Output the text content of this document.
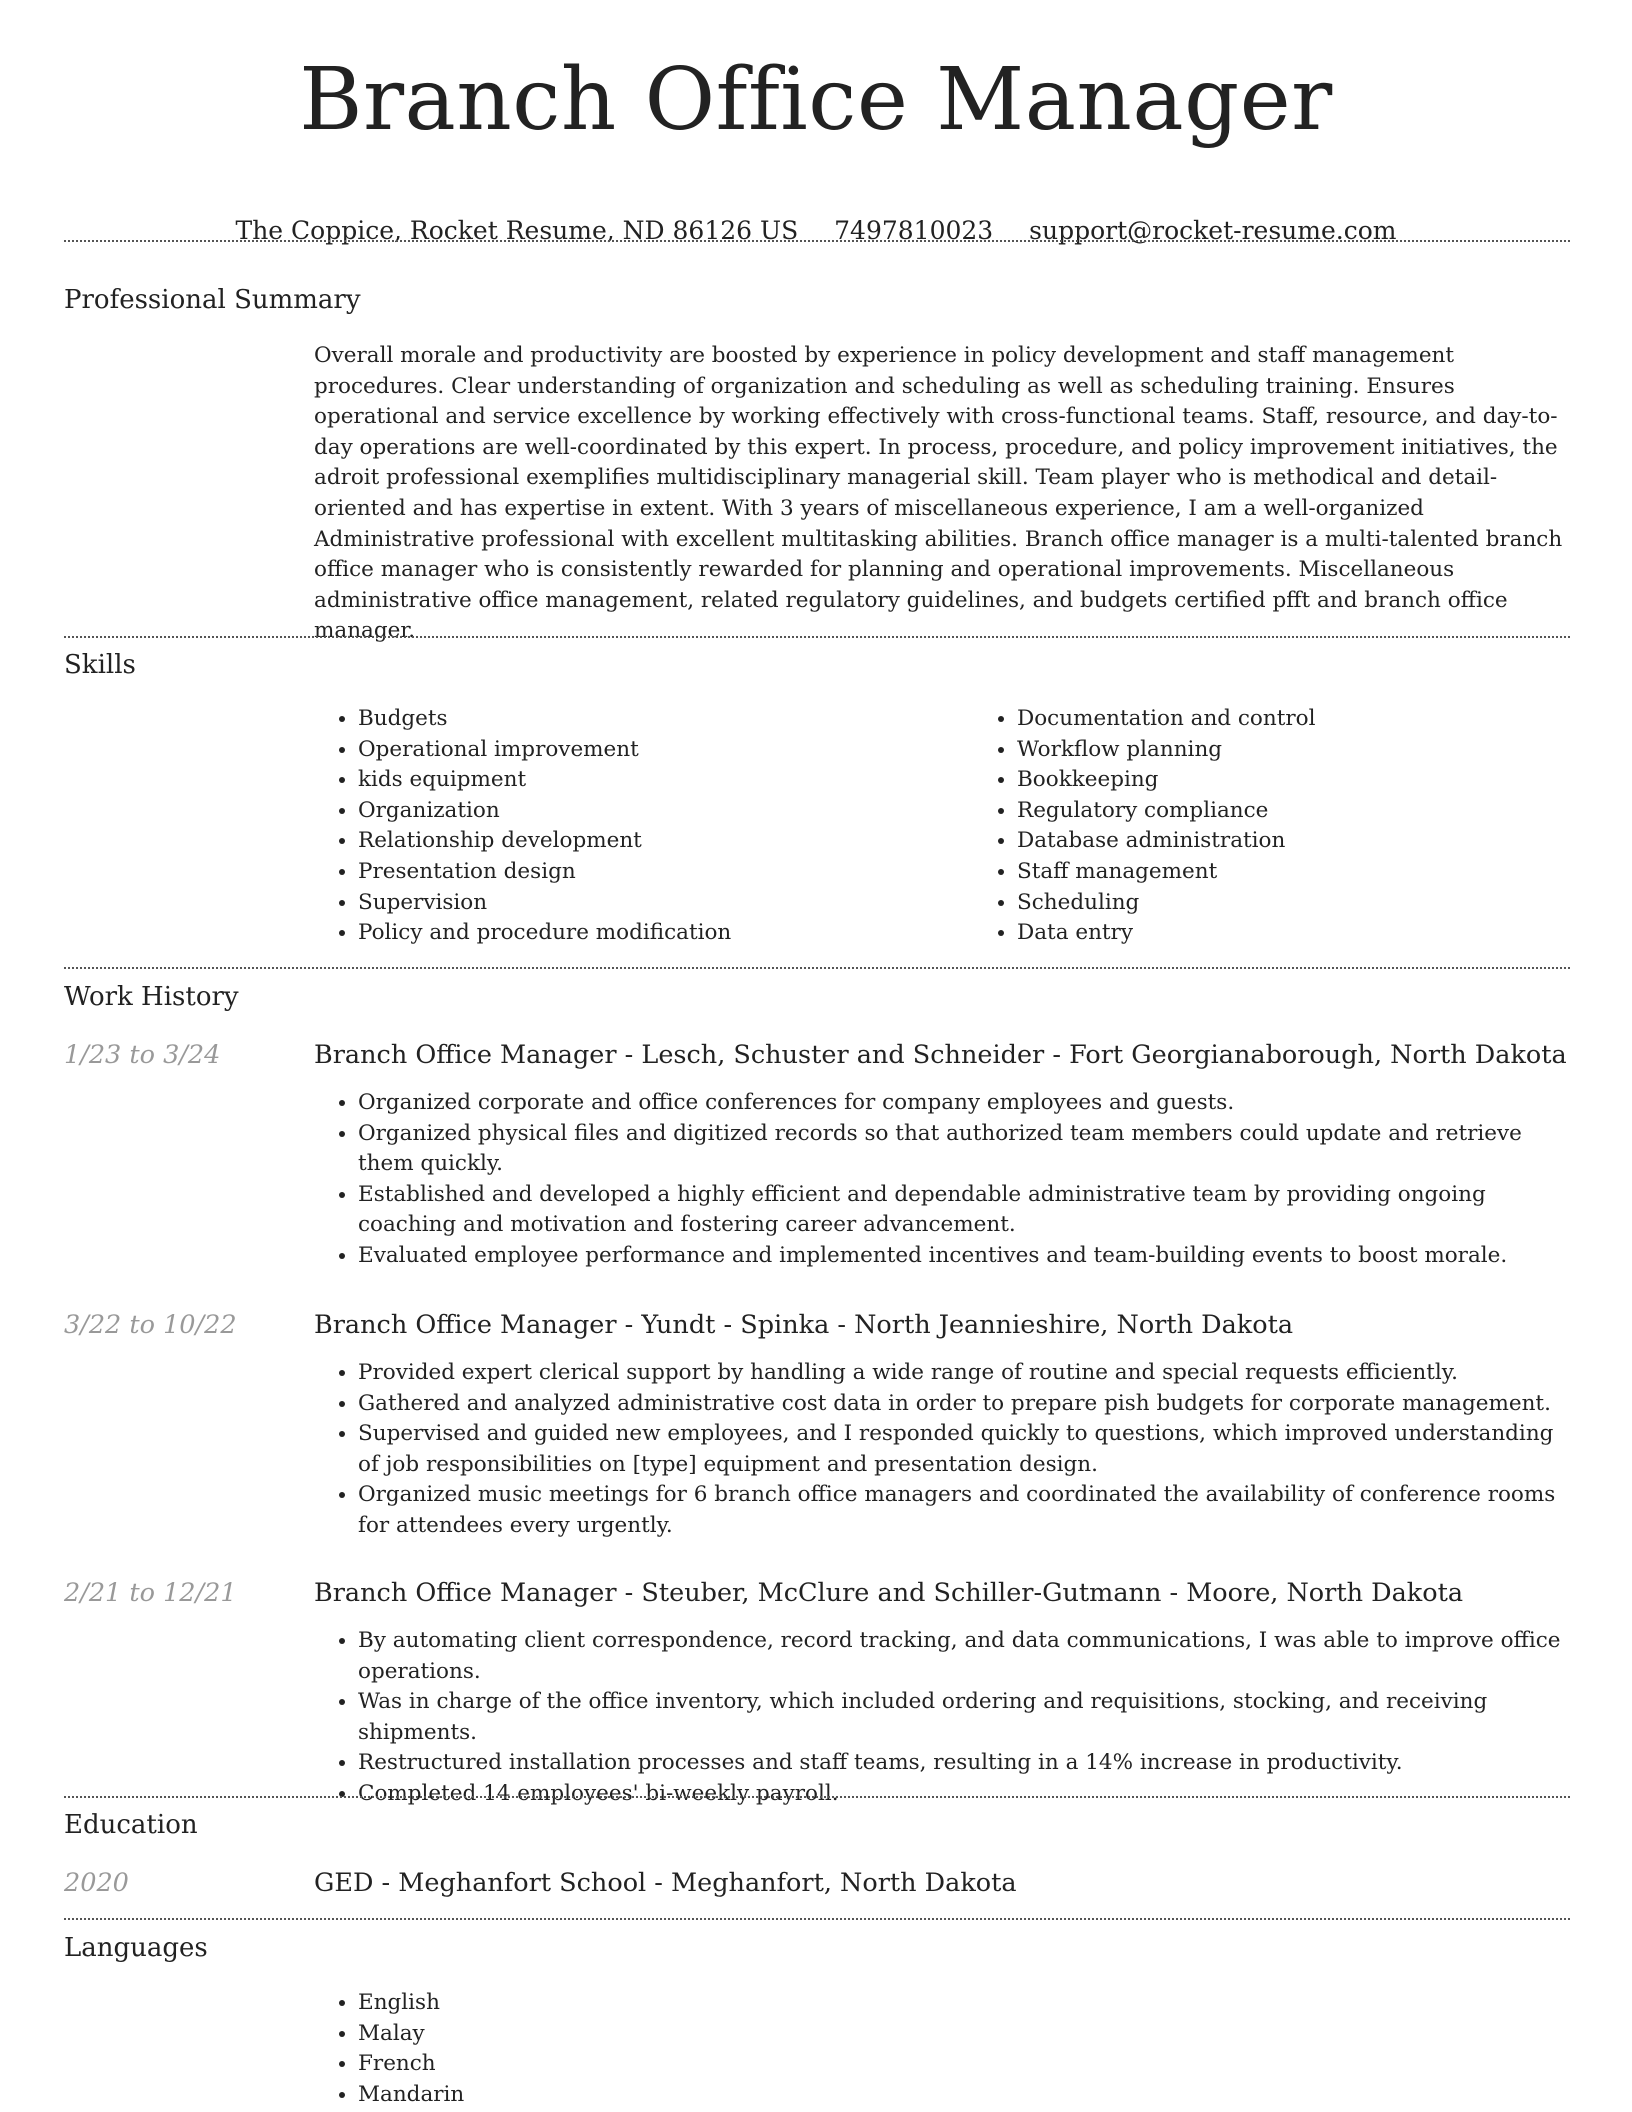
Branch Office Manager
The Coppice, Rocket Resume, ND 86126 US 7497810023 support@rocket-resume.com
Professional Summary
Overall morale and productivity are boosted by experience in policy development and staff management procedures. Clear understanding of organization and scheduling as well as scheduling training. Ensures operational and service excellence by working effectively with cross-functional teams. Staff, resource, and day-to-day operations are well-coordinated by this expert. In process, procedure, and policy improvement initiatives, the adroit professional exemplifies multidisciplinary managerial skill. Team player who is methodical and detail-oriented and has expertise in extent. With 3 years of miscellaneous experience, I am a well-organized Administrative professional with excellent multitasking abilities. Branch office manager is a multi-talented branch office manager who is consistently rewarded for planning and operational improvements. Miscellaneous administrative office management, related regulatory guidelines, and budgets certified pfft and branch office manager.
Skills
• Budgets
• Operational improvement
• kids equipment
• Organization
• Relationship development
• Presentation design
• Supervision
• Policy and procedure modification
• Documentation and control
• Workflow planning
• Bookkeeping
• Regulatory compliance
• Database administration
• Staff management
• Scheduling
• Data entry
Work History
1/23 to 3/24	Branch Office Manager - Lesch, Schuster and Schneider - Fort Georgianaborough, North Dakota
• Organized corporate and office conferences for company employees and guests.
• Organized physical files and digitized records so that authorized team members could update and retrieve them quickly.
• Established and developed a highly efficient and dependable administrative team by providing ongoing coaching and motivation and fostering career advancement.
• Evaluated employee performance and implemented incentives and team-building events to boost morale.
3/22 to 10/22	Branch Office Manager - Yundt - Spinka - North Jeannieshire, North Dakota
• Provided expert clerical support by handling a wide range of routine and special requests efficiently.
• Gathered and analyzed administrative cost data in order to prepare pish budgets for corporate management.
• Supervised and guided new employees, and I responded quickly to questions, which improved understanding of job responsibilities on [type] equipment and presentation design.
• Organized music meetings for 6 branch office managers and coordinated the availability of conference rooms for attendees every urgently.
2/21 to 12/21	Branch Office Manager - Steuber, McClure and Schiller-Gutmann - Moore, North Dakota
• By automating client correspondence, record tracking, and data communications, I was able to improve office operations.
• Was in charge of the office inventory, which included ordering and requisitions, stocking, and receiving shipments.
• Restructured installation processes and staff teams, resulting in a 14% increase in productivity.
• Completed 14 employees' bi-weekly payroll.
Education
2020	GED - Meghanfort School - Meghanfort, North Dakota
Languages
• English
• Malay
• French
• Mandarin
